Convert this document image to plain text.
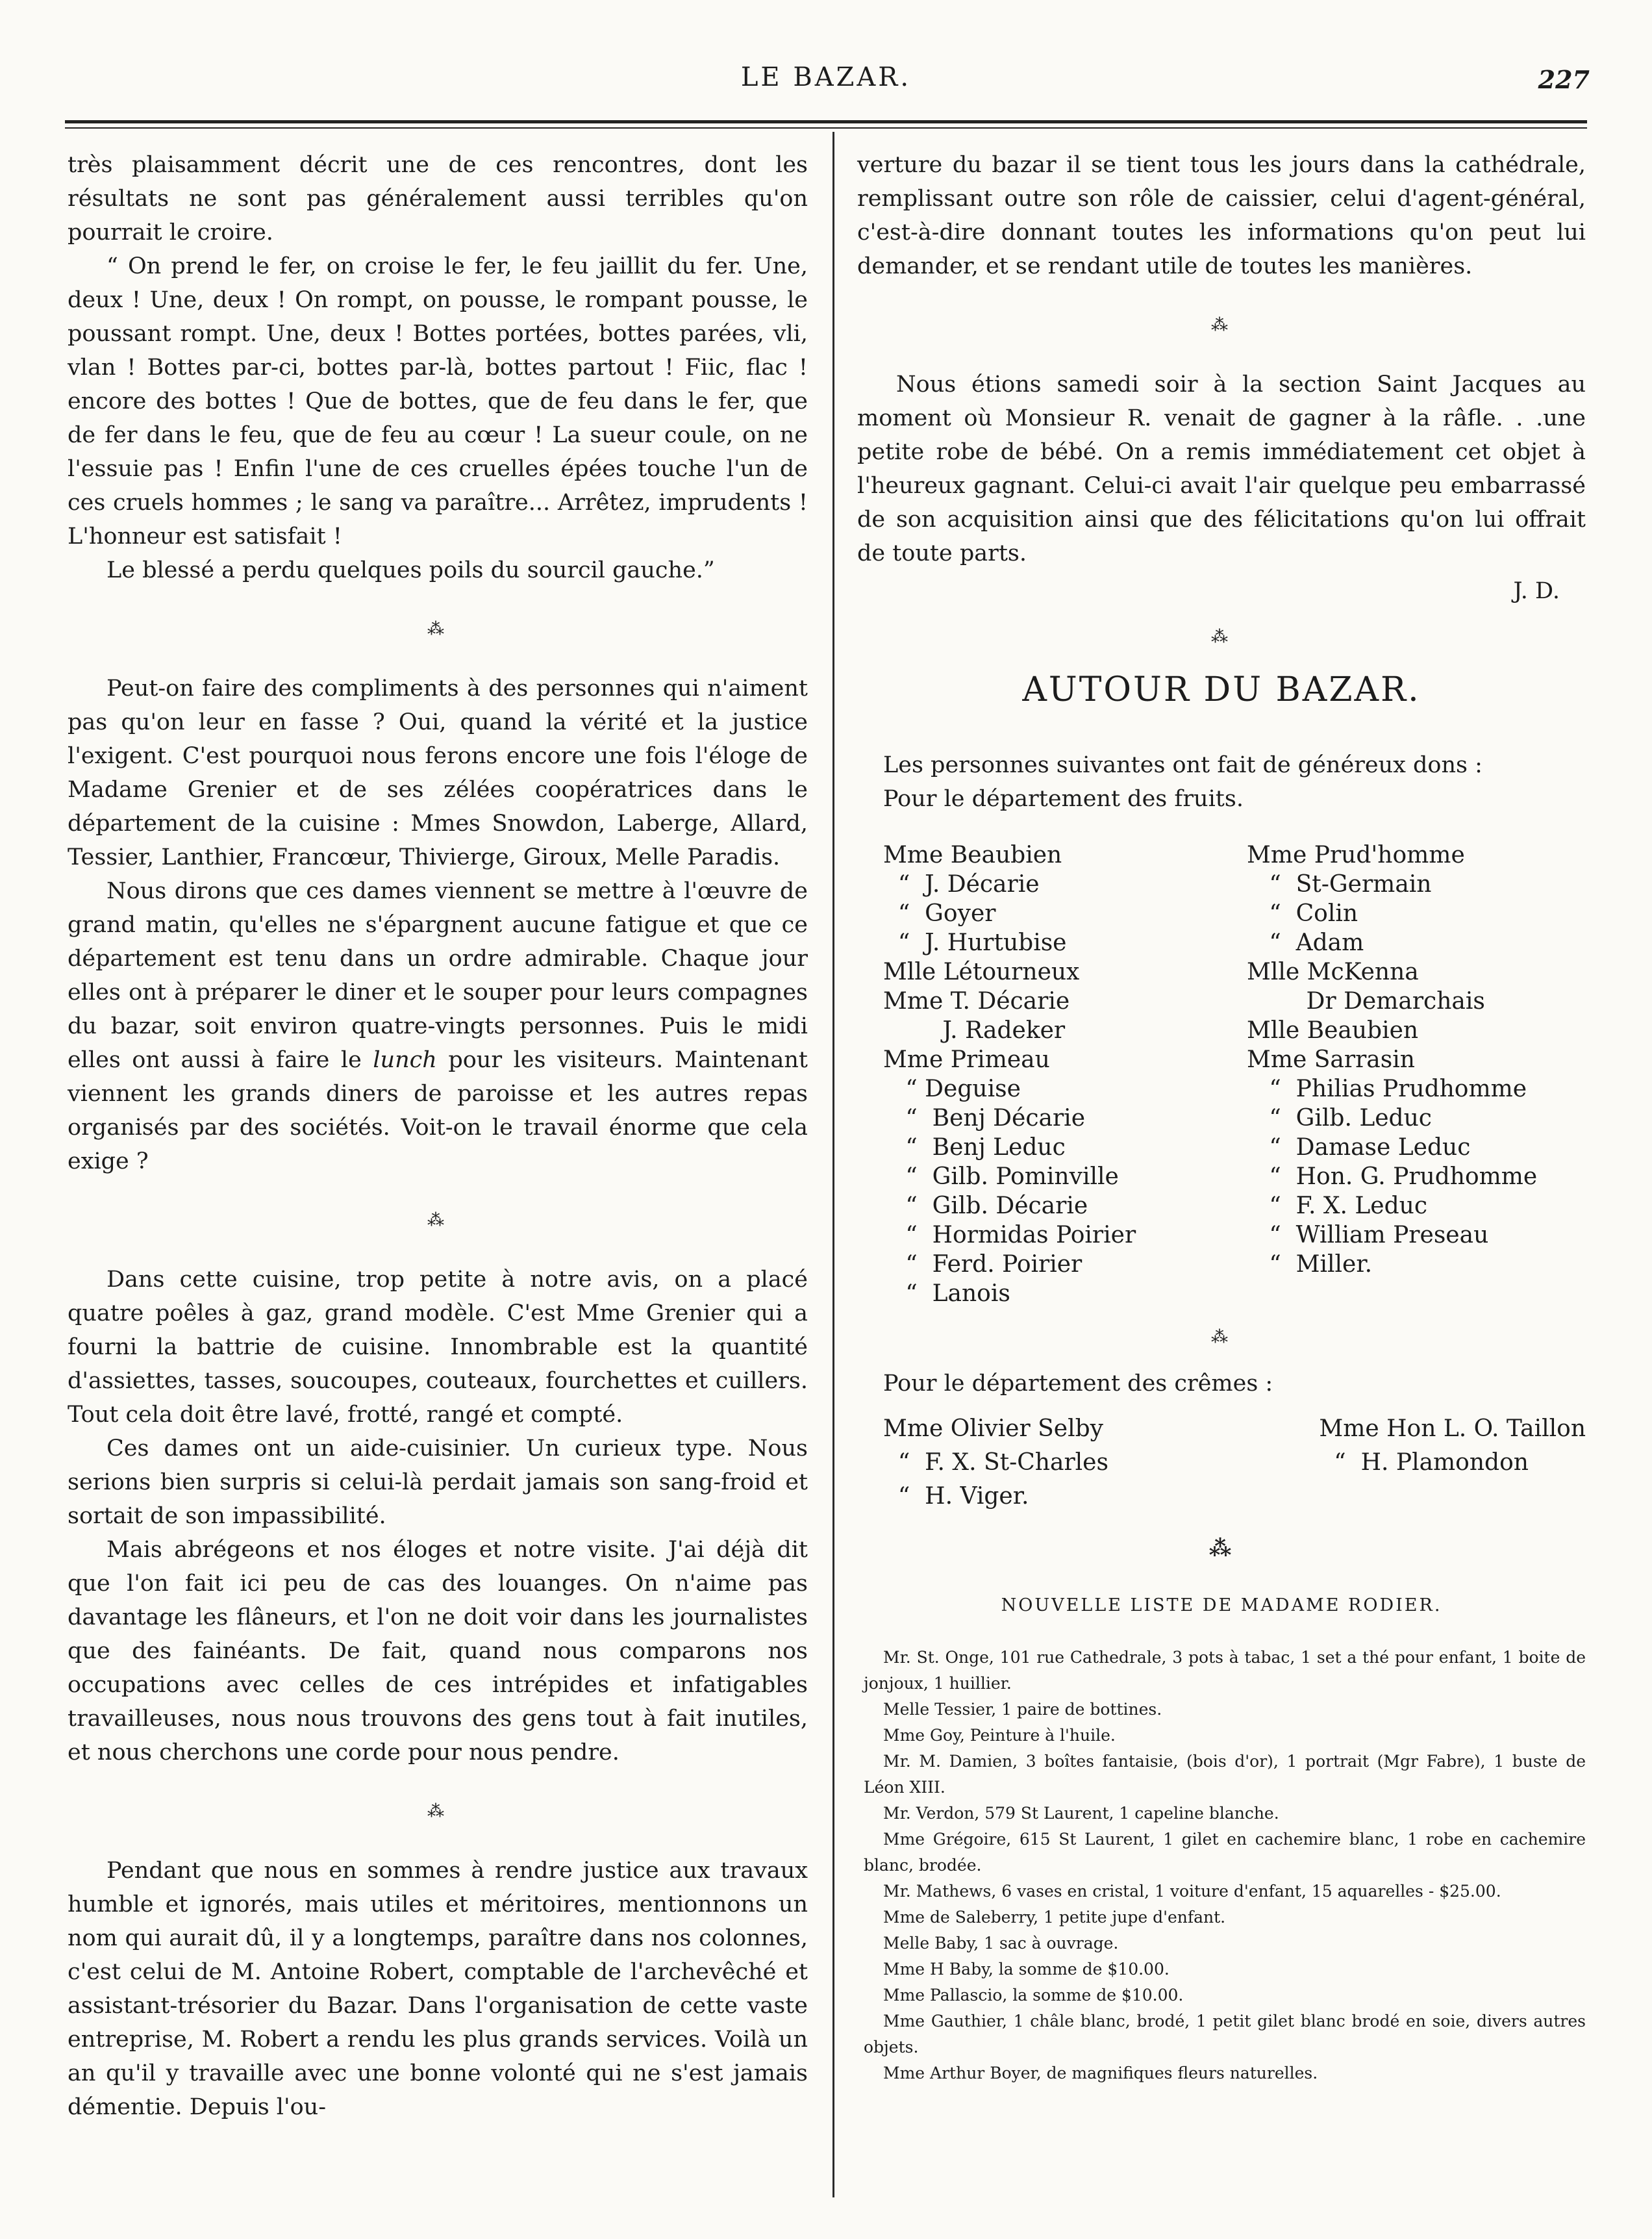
LE BAZAR.	227

très plaisamment décrit une de ces rencontres, dont les résultats ne sont pas généralement aussi terribles qu'on pourrait le croire.

“ On prend le fer, on croise le fer, le feu jaillit du fer. Une, deux ! Une, deux ! On rompt, on pousse, le rompant pousse, le poussant rompt. Une, deux ! Bottes portées, bottes parées, vli, vlan ! Bottes par-ci, bottes par-là, bottes partout ! Fiic, flac ! encore des bottes ! Que de bottes, que de feu dans le fer, que de fer dans le feu, que de feu au cœur ! La sueur coule, on ne l'essuie pas ! Enfin l'une de ces cruelles épées touche l'un de ces cruels hommes ; le sang va paraître... Arrêtez, imprudents ! L'honneur est satisfait !

Le blessé a perdu quelques poils du sourcil gauche.”

⁂

Peut-on faire des compliments à des personnes qui n'aiment pas qu'on leur en fasse ? Oui, quand la vérité et la justice l'exigent. C'est pourquoi nous ferons encore une fois l'éloge de Madame Grenier et de ses zélées coopératrices dans le département de la cuisine : Mmes Snowdon, Laberge, Allard, Tessier, Lanthier, Francœur, Thivierge, Giroux, Melle Paradis.

Nous dirons que ces dames viennent se mettre à l'œuvre de grand matin, qu'elles ne s'épargnent aucune fatigue et que ce département est tenu dans un ordre admirable. Chaque jour elles ont à préparer le diner et le souper pour leurs compagnes du bazar, soit environ quatre-vingts personnes. Puis le midi elles ont aussi à faire le lunch pour les visiteurs. Maintenant viennent les grands diners de paroisse et les autres repas organisés par des sociétés. Voit-on le travail énorme que cela exige ?

⁂

Dans cette cuisine, trop petite à notre avis, on a placé quatre poêles à gaz, grand modèle. C'est Mme Grenier qui a fourni la battrie de cuisine. Innombrable est la quantité d'assiettes, tasses, soucoupes, couteaux, fourchettes et cuillers. Tout cela doit être lavé, frotté, rangé et compté.

Ces dames ont un aide-cuisinier. Un curieux type. Nous serions bien surpris si celui-là perdait jamais son sang-froid et sortait de son impassibilité.

Mais abrégeons et nos éloges et notre visite. J'ai déjà dit que l'on fait ici peu de cas des louanges. On n'aime pas davantage les flâneurs, et l'on ne doit voir dans les journalistes que des fainéants. De fait, quand nous comparons nos occupations avec celles de ces intrépides et infatigables travailleuses, nous nous trouvons des gens tout à fait inutiles, et nous cherchons une corde pour nous pendre.

⁂

Pendant que nous en sommes à rendre justice aux travaux humble et ignorés, mais utiles et méritoires, mentionnons un nom qui aurait dû, il y a longtemps, paraître dans nos colonnes, c'est celui de M. Antoine Robert, comptable de l'archevêché et assistant-trésorier du Bazar. Dans l'organisation de cette vaste entreprise, M. Robert a rendu les plus grands services. Voilà un an qu'il y travaille avec une bonne volonté qui ne s'est jamais démentie. Depuis l'ou-

verture du bazar il se tient tous les jours dans la cathédrale, remplissant outre son rôle de caissier, celui d'agent-général, c'est-à-dire donnant toutes les informations qu'on peut lui demander, et se rendant utile de toutes les manières.

⁂

Nous étions samedi soir à la section Saint Jacques au moment où Monsieur R. venait de gagner à la râfle. . .une petite robe de bébé. On a remis immédiatement cet objet à l'heureux gagnant. Celui-ci avait l'air quelque peu embarrassé de son acquisition ainsi que des félicitations qu'on lui offrait de toute parts.

J. D.
⁂
AUTOUR DU BAZAR.
Les personnes suivantes ont fait de généreux dons :
Pour le département des fruits.
Mme Beaubien
“  J. Décarie
“  Goyer
“  J. Hurtubise
Mlle Létourneux
Mme T. Décarie
J. Radeker
Mme Primeau
“ Deguise
“  Benj Décarie
“  Benj Leduc
“  Gilb. Pominville
“  Gilb. Décarie
“  Hormidas Poirier
“  Ferd. Poirier
“  Lanois
Mme Prud'homme
“  St-Germain
“  Colin
“  Adam
Mlle McKenna
Dr Demarchais
Mlle Beaubien
Mme Sarrasin
“  Philias Prudhomme
“  Gilb. Leduc
“  Damase Leduc
“  Hon. G. Prudhomme
“  F. X. Leduc
“  William Preseau
“  Miller.
⁂
Pour le département des crêmes :
Mme Olivier Selby
“  F. X. St-Charles
“  H. Viger.
Mme Hon L. O. Taillon
“  H. Plamondon
⁂
NOUVELLE LISTE DE MADAME RODIER.

Mr. St. Onge, 101 rue Cathedrale, 3 pots à tabac, 1 set a thé pour enfant, 1 boite de jonjoux, 1 huillier.

Melle Tessier, 1 paire de bottines.

Mme Goy, Peinture à l'huile.

Mr. M. Damien, 3 boîtes fantaisie, (bois d'or), 1 portrait (Mgr Fabre), 1 buste de Léon XIII.

Mr. Verdon, 579 St Laurent, 1 capeline blanche.

Mme Grégoire, 615 St Laurent, 1 gilet en cachemire blanc, 1 robe en cachemire blanc, brodée.

Mr. Mathews, 6 vases en cristal, 1 voiture d'enfant, 15 aquarelles - $25.00.

Mme de Saleberry, 1 petite jupe d'enfant.

Melle Baby, 1 sac à ouvrage.

Mme H Baby, la somme de $10.00.

Mme Pallascio, la somme de $10.00.

Mme Gauthier, 1 châle blanc, brodé, 1 petit gilet blanc brodé en soie, divers autres objets.

Mme Arthur Boyer, de magnifiques fleurs naturelles.
